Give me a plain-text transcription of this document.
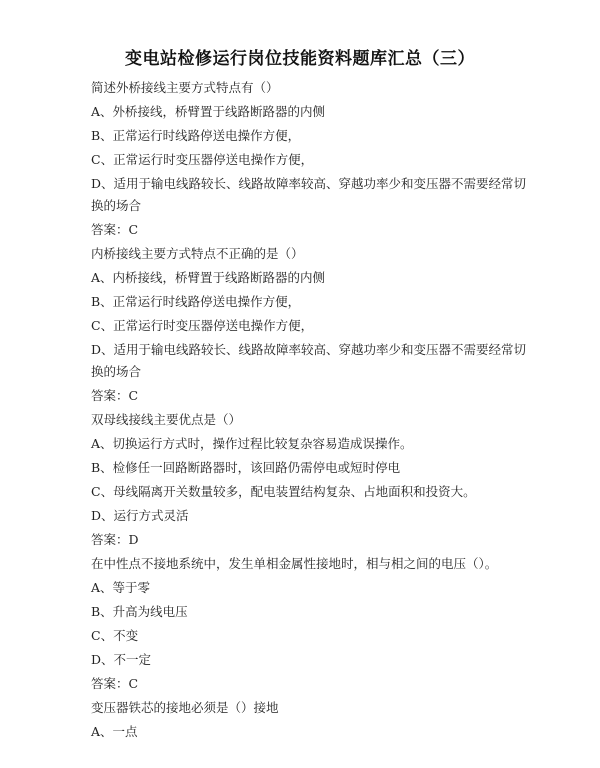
变电站检修运行岗位技能资料题库汇总（三）
简述外桥接线主要方式特点有（）
A、外桥接线，桥臂置于线路断路器的内侧
B、正常运行时线路停送电操作方便，
C、正常运行时变压器停送电操作方便，
D、适用于输电线路较长、线路故障率较高、穿越功率少和变压器不需要经常切
换的场合
答案：C
内桥接线主要方式特点不正确的是（）
A、内桥接线，桥臂置于线路断路器的内侧
B、正常运行时线路停送电操作方便，
C、正常运行时变压器停送电操作方便，
D、适用于输电线路较长、线路故障率较高、穿越功率少和变压器不需要经常切
换的场合
答案：C
双母线接线主要优点是（）
A、切换运行方式时，操作过程比较复杂容易造成误操作。
B、检修任一回路断路器时，该回路仍需停电或短时停电
C、母线隔离开关数量较多，配电装置结构复杂、占地面积和投资大。
D、运行方式灵活
答案：D
在中性点不接地系统中，发生单相金属性接地时，相与相之间的电压（）。
A、等于零
B、升高为线电压
C、不变
D、不一定
答案：C
变压器铁芯的接地必须是（）接地
A、一点
